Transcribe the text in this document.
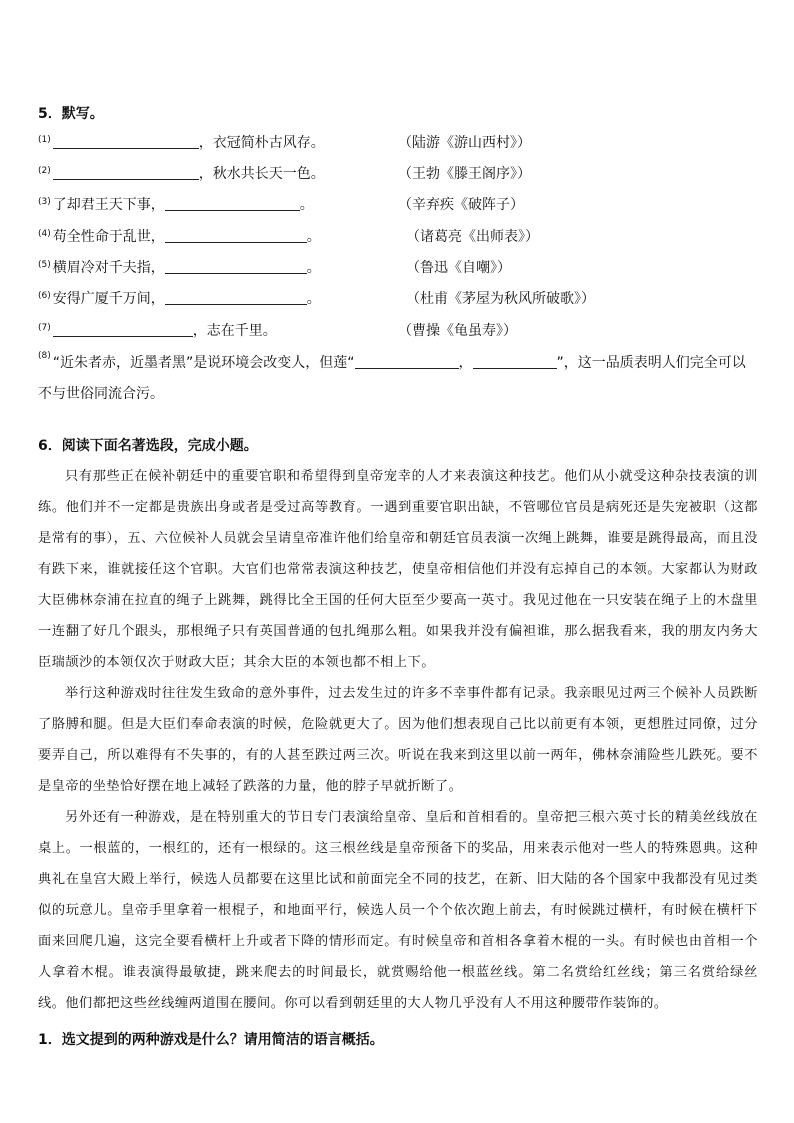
5．默写。
(1)	，衣冠简朴古风存。	（陆游《游山西村》）
(2)	，秋水共长天一色。	（王勃《滕王阁序》）
(3) 了却君王天下事，	。	（辛弃疾《破阵子）
(4) 苟全性命于乱世，	。	（诸葛亮《出师表》）
(5) 横眉冷对千夫指，	。	（鲁迅《自嘲》）
(6) 安得广厦千万间，	。	（杜甫《茅屋为秋风所破歌》）
(7)	，志在千里。	（曹操《龟虽寿》）
(8) “近朱者赤，近墨者黑”是说环境会改变人，但莲“	，	”，这一品质表明人们完全可以
不与世俗同流合污。
6．阅读下面名著选段，完成小题。

只有那些正在候补朝廷中的重要官职和希望得到皇帝宠幸的人才来表演这种技艺。他们从小就受这种杂技表演的训练。他们并不一定都是贵族出身或者是受过高等教育。一遇到重要官职出缺，不管哪位官员是病死还是失宠被职（这都是常有的事），五、六位候补人员就会呈请皇帝准许他们给皇帝和朝廷官员表演一次绳上跳舞，谁要是跳得最高，而且没有跌下来，谁就接任这个官职。大官们也常常表演这种技艺，使皇帝相信他们并没有忘掉自己的本领。大家都认为财政大臣佛林奈浦在拉直的绳子上跳舞，跳得比全王国的任何大臣至少要高一英寸。我见过他在一只安装在绳子上的木盘里一连翻了好几个跟头，那根绳子只有英国普通的包扎绳那么粗。如果我并没有偏袒谁，那么据我看来，我的朋友内务大臣瑞颉沙的本领仅次于财政大臣；其余大臣的本领也都不相上下。

举行这种游戏时往往发生致命的意外事件，过去发生过的许多不幸事件都有记录。我亲眼见过两三个候补人员跌断了胳膊和腿。但是大臣们奉命表演的时候，危险就更大了。因为他们想表现自己比以前更有本领，更想胜过同僚，过分要弄自己，所以难得有不失事的，有的人甚至跌过两三次。听说在我来到这里以前一两年，佛林奈浦险些儿跌死。要不是皇帝的坐垫恰好摆在地上减轻了跌落的力量，他的脖子早就折断了。

另外还有一种游戏，是在特别重大的节日专门表演给皇帝、皇后和首相看的。皇帝把三根六英寸长的精美丝线放在桌上。一根蓝的，一根红的，还有一根绿的。这三根丝线是皇帝预备下的奖品，用来表示他对一些人的特殊恩典。这种典礼在皇宫大殿上举行，候选人员都要在这里比试和前面完全不同的技艺，在新、旧大陆的各个国家中我都没有见过类似的玩意儿。皇帝手里拿着一根棍子，和地面平行，候选人员一个个依次跑上前去，有时候跳过横杆，有时候在横杆下面来回爬几遍，这完全要看横杆上升或者下降的情形而定。有时候皇帝和首相各拿着木棍的一头。有时候也由首相一个人拿着木棍。谁表演得最敏捷，跳来爬去的时间最长，就赏赐给他一根蓝丝线。第二名赏给红丝线；第三名赏给绿丝线。他们都把这些丝线缠两道围在腰间。你可以看到朝廷里的大人物几乎没有人不用这种腰带作装饰的。

1．选文提到的两种游戏是什么？请用简洁的语言概括。
